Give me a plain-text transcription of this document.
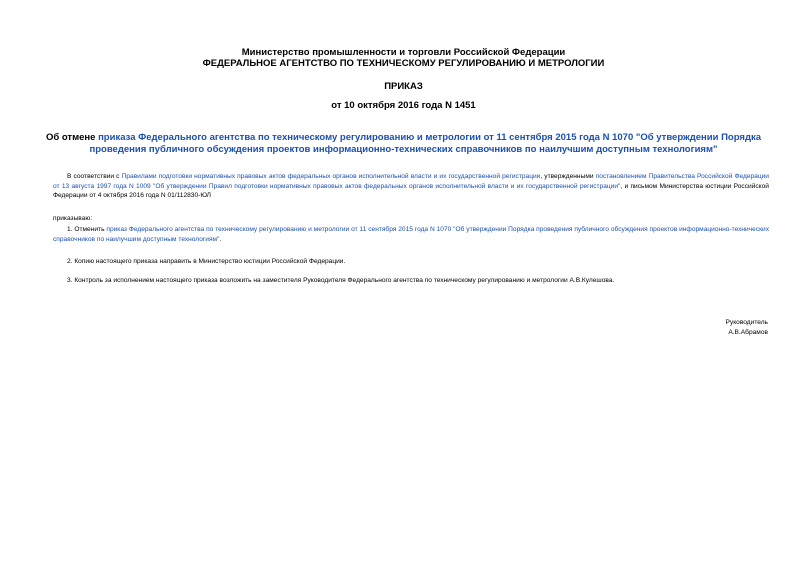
Министерство промышленности и торговли Российской Федерации
ФЕДЕРАЛЬНОЕ АГЕНТСТВО ПО ТЕХНИЧЕСКОМУ РЕГУЛИРОВАНИЮ И МЕТРОЛОГИИ
ПРИКАЗ
от 10 октября 2016 года N 1451
Об отмене приказа Федерального агентства по техническому регулированию и метрологии от 11 сентября 2015 года N 1070 "Об утверждении Порядка проведения публичного обсуждения проектов информационно-технических справочников по наилучшим доступным технологиям"
В соответствии с Правилами подготовки нормативных правовых актов федеральных органов исполнительной власти и их государственной регистрации, утвержденными постановлением Правительства Российской Федерации от 13 августа 1997 года N 1009 "Об утверждении Правил подготовки нормативных правовых актов федеральных органов исполнительной власти и их государственной регистрации", и письмом Министерства юстиции Российской Федерации от 4 октября 2016 года N 01/112830-ЮЛ
приказываю:
1. Отменить приказ Федерального агентства по техническому регулированию и метрологии от 11 сентября 2015 года N 1070 "Об утверждении Порядка проведения публичного обсуждения проектов информационно-технических справочников по наилучшим доступным технологиям".
2. Копию настоящего приказа направить в Министерство юстиции Российской Федерации.
3. Контроль за исполнением настоящего приказа возложить на заместителя Руководителя Федерального агентства по техническому регулированию и метрологии А.В.Кулешова.
Руководитель
А.В.Абрамов
